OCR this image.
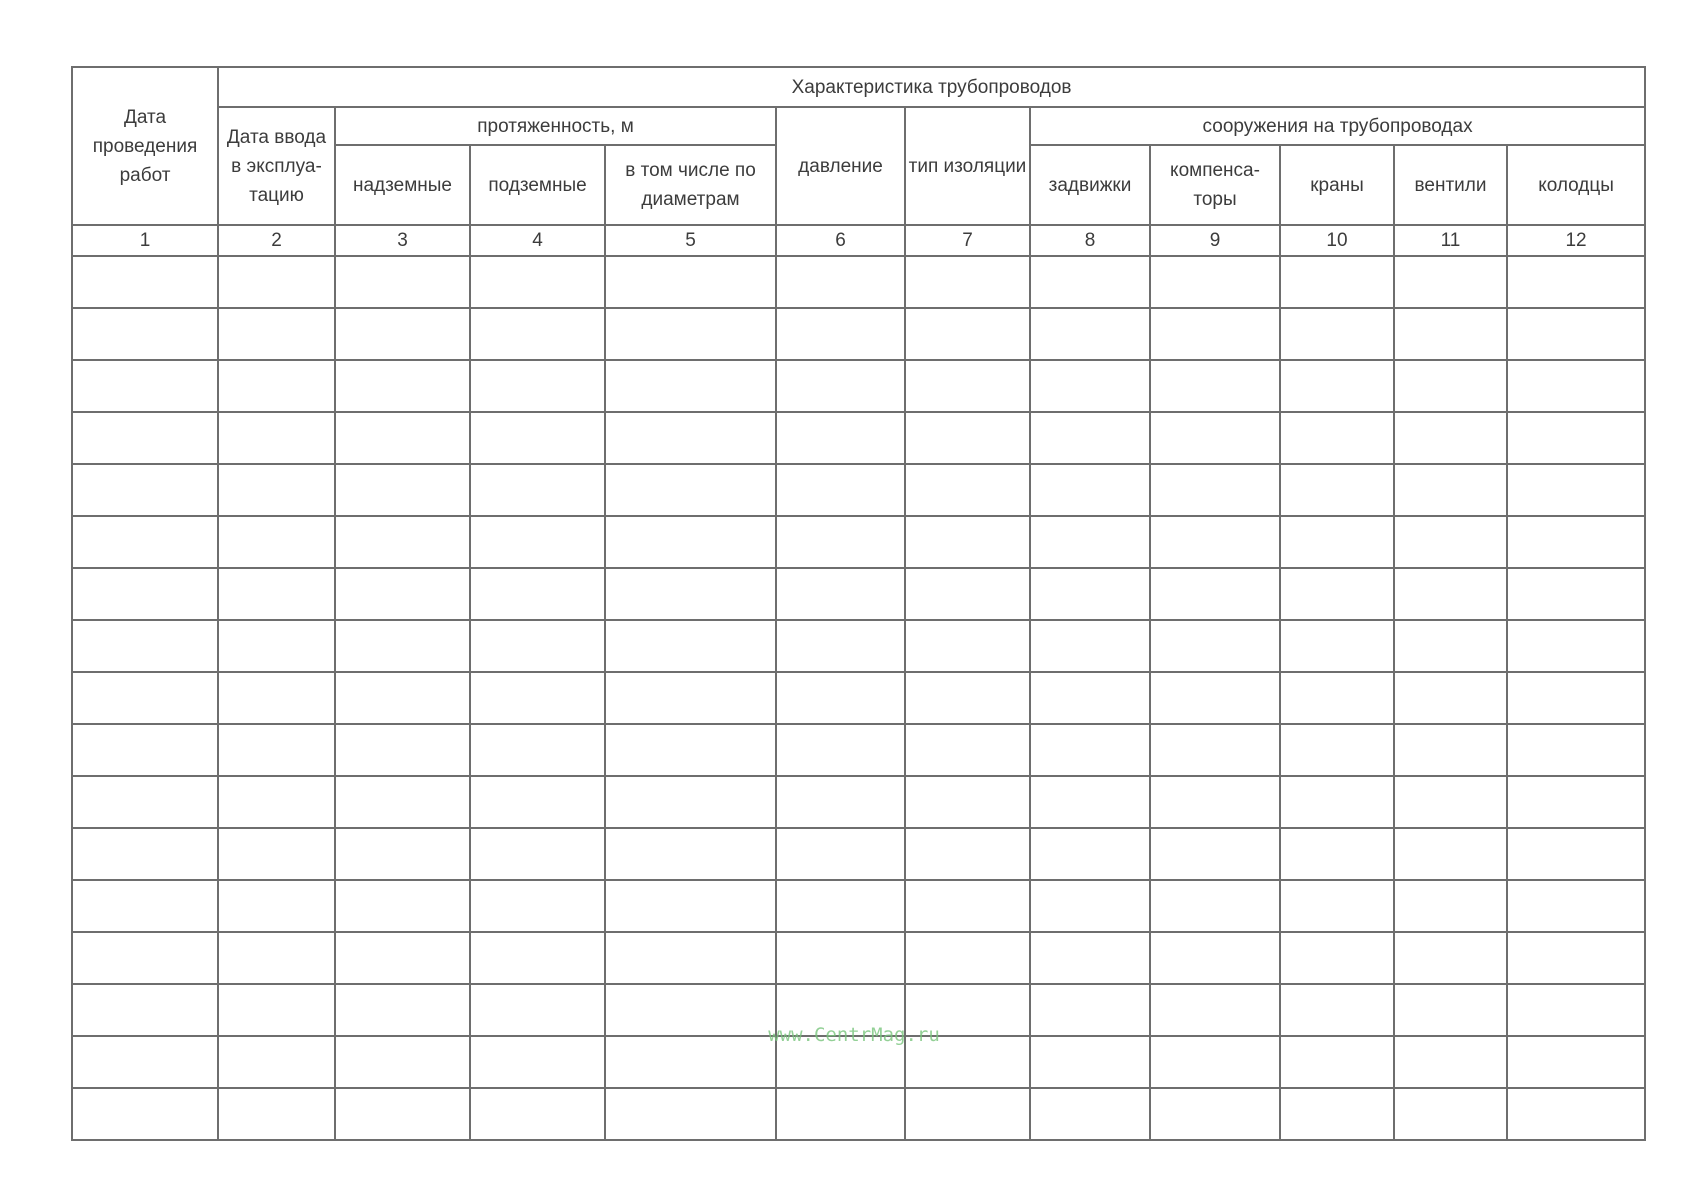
Дата проведения работ	Характеристика трубопроводов										
	Дата ввода в эксплуа-тацию	протяженность, м			давление	тип изоляции	сооружения на трубопроводах				
		надземные	подземные	в том числе по диаметрам			задвижки	компенса-торы	краны	вентили	колодцы
1	2	3	4	5	6	7	8	9	10	11	12

www.CentrMag.ru
